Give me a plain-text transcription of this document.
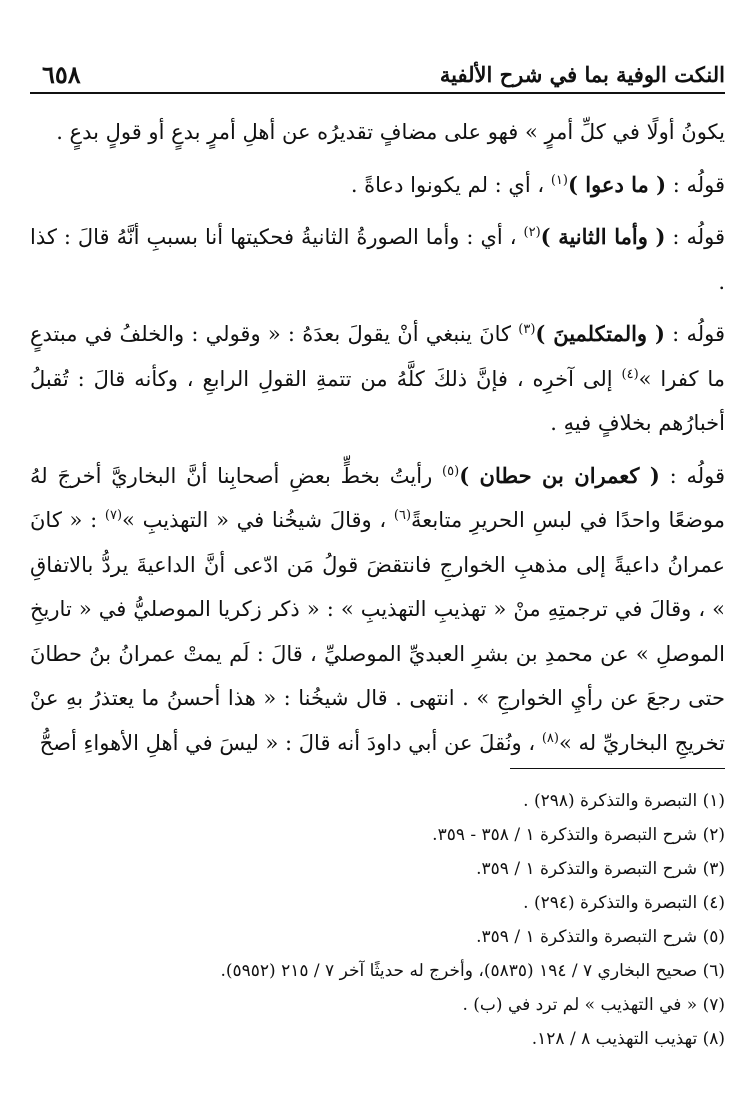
النكت الوفية بما في شرح الألفية
٦٥٨

يكونُ أولًا في كلِّ أمرٍ » فهو على مضافٍ تقديرُه عن أهلِ أمرٍ بدعٍ أو قولٍ بدعٍ .

قولُه : ( ما دعوا )$^{(١)}$ ، أي : لم يكونوا دعاةً .

قولُه : ( وأما الثانية )$^{(٢)}$ ، أي : وأما الصورةُ الثانيةُ فحكيتها أنا بسببِ أنَّهُ قالَ : كذا .

قولُه : ( والمتكلمينَ )$^{(٣)}$ كانَ ينبغي أنْ يقولَ بعدَهُ : « وقولي : والخلفُ في مبتدعٍ ما كفرا »$^{(٤)}$ إلى آخرِه ، فإنَّ ذلكَ كلَّهُ من تتمةِ القولِ الرابعِ ، وكأنه قالَ : تُقبلُ أخبارُهم بخلافٍ فيهِ .

قولُه : ( كعمران بن حطان )$^{(٥)}$ رأيتُ بخطٍّ بعضِ أصحابِنا أنَّ البخاريَّ أخرجَ لهُ موضعًا واحدًا في لبسِ الحريرِ متابعةً$^{(٦)}$ ، وقالَ شيخُنا في « التهذيبِ »$^{(٧)}$ : « كانَ عمرانُ داعيةً إلى مذهبِ الخوارجِ فانتقضَ قولُ مَن ادّعى أنَّ الداعيةَ يردُّ بالاتفاقِ » ، وقالَ في ترجمتِهِ منْ « تهذيبِ التهذيبِ » : « ذكر زكريا الموصليُّ في « تاريخِ الموصلِ » عن محمدِ بن بشرِ العبديِّ الموصليِّ ، قالَ : لَم يمتْ عمرانُ بنُ حطانَ حتى رجعَ عن رأيِ الخوارجِ » . انتهى . قال شيخُنا : « هذا أحسنُ ما يعتذرُ بهِ عنْ تخريجِ البخاريِّ له »$^{(٨)}$ ، ونُقلَ عن أبي داودَ أنه قالَ : « ليسَ في أهلِ الأهواءِ أصحُّ

(١) التبصرة والتذكرة (٢٩٨) .
(٢) شرح التبصرة والتذكرة ١ / ٣٥٨ - ٣٥٩.
(٣) شرح التبصرة والتذكرة ١ / ٣٥٩.
(٤) التبصرة والتذكرة (٢٩٤) .
(٥) شرح التبصرة والتذكرة ١ / ٣٥٩.
(٦) صحيح البخاري ٧ / ١٩٤ (٥٨٣٥)، وأخرج له حديثًا آخر ٧ / ٢١٥ (٥٩٥٢).
(٧) « في التهذيب » لم ترد في (ب) .
(٨) تهذيب التهذيب ٨ / ١٢٨.
